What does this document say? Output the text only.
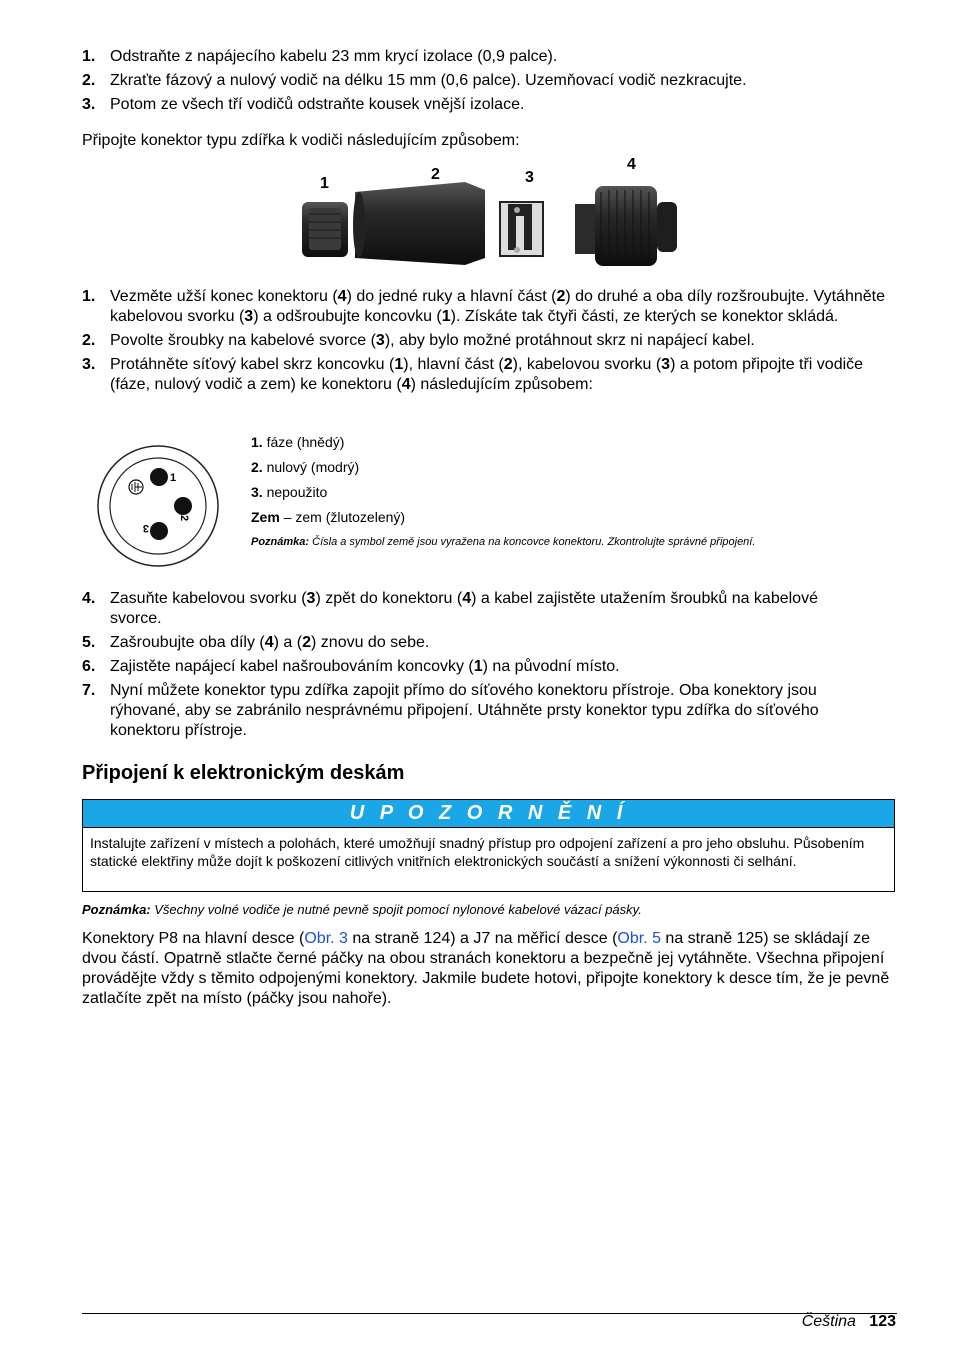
1. Odstraňte z napájecího kabelu 23 mm krycí izolace (0,9 palce).
2. Zkraťte fázový a nulový vodič na délku 15 mm (0,6 palce). Uzemňovací vodič nezkracujte.
3. Potom ze všech tří vodičů odstraňte kousek vnější izolace.

Připojte konektor typu zdířka k vodiči následujícím způsobem:

1
2	3
4
1. Vezměte užší konec konektoru (4) do jedné ruky a hlavní část (2) do druhé a oba díly rozšroubujte. Vytáhněte kabelovou svorku (3) a odšroubujte koncovku (1). Získáte tak čtyři části, ze kterých se konektor skládá.
2. Povolte šroubky na kabelové svorce (3), aby bylo možné protáhnout skrz ni napájecí kabel.
3. Protáhněte síťový kabel skrz koncovku (1), hlavní část (2), kabelovou svorku (3) a potom připojte tři vodiče (fáze, nulový vodič a zem) ke konektoru (4) následujícím způsobem:
1
2
3
1. fáze (hnědý)
2. nulový (modrý)
3. nepoužito
Zem – zem (žlutozelený)
Poznámka: Čísla a symbol země jsou vyražena na koncovce konektoru. Zkontrolujte správné připojení.
4. Zasuňte kabelovou svorku (3) zpět do konektoru (4) a kabel zajistěte utažením šroubků na kabelové svorce.
5. Zašroubujte oba díly (4) a (2) znovu do sebe.
6. Zajistěte napájecí kabel našroubováním koncovky (1) na původní místo.
7. Nyní můžete konektor typu zdířka zapojit přímo do síťového konektoru přístroje. Oba konektory jsou rýhované, aby se zabránilo nesprávnému připojení. Utáhněte prsty konektor typu zdířka do síťového konektoru přístroje.
Připojení k elektronickým deskám
U P O Z O R N Ě N Í
Instalujte zařízení v místech a polohách, které umožňují snadný přístup pro odpojení zařízení a pro jeho obsluhu. Působením statické elektřiny může dojít k poškození citlivých vnitřních elektronických součástí a snížení výkonnosti či selhání.

Poznámka: Všechny volné vodiče je nutné pevně spojit pomocí nylonové kabelové vázací pásky.

Konektory P8 na hlavní desce (Obr. 3 na straně 124) a J7 na měřicí desce (Obr. 5 na straně 125) se skládají ze dvou částí. Opatrně stlačte černé páčky na obou stranách konektoru a bezpečně jej vytáhněte. Všechna připojení provádějte vždy s těmito odpojenými konektory. Jakmile budete hotovi, připojte konektory k desce tím, že je pevně zatlačíte zpět na místo (páčky jsou nahoře).

Čeština 123
